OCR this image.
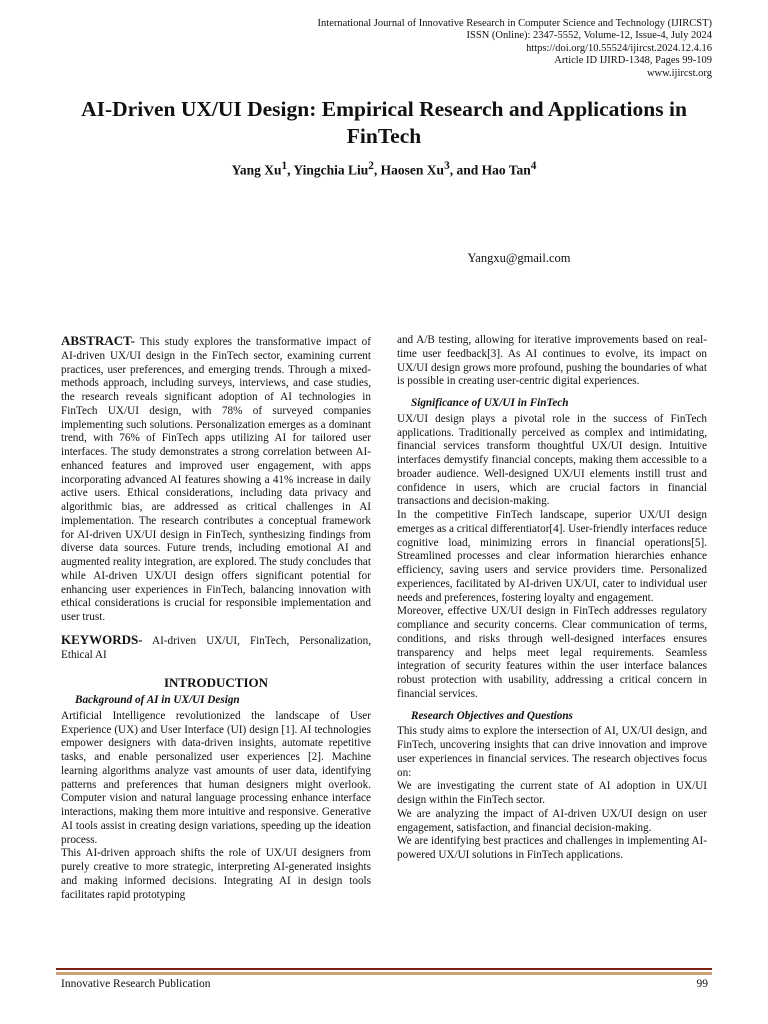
International Journal of Innovative Research in Computer Science and Technology (IJIRCST)
ISSN (Online): 2347-5552, Volume-12, Issue-4, July 2024
https://doi.org/10.55524/ijircst.2024.12.4.16
Article ID IJIRD-1348, Pages 99-109
www.ijircst.org
AI-Driven UX/UI Design: Empirical Research and Applications in FinTech
Yang Xu$^1$, Yingchia Liu$^2$, Haosen Xu$^3$, and Hao Tan$^4$
Yangxu@gmail.com

ABSTRACT- This study explores the transformative impact of AI-driven UX/UI design in the FinTech sector, examining current practices, user preferences, and emerging trends. Through a mixed-methods approach, including surveys, interviews, and case studies, the research reveals significant adoption of AI technologies in FinTech UX/UI design, with 78% of surveyed companies implementing such solutions. Personalization emerges as a dominant trend, with 76% of FinTech apps utilizing AI for tailored user interfaces. The study demonstrates a strong correlation between AI-enhanced features and improved user engagement, with apps incorporating advanced AI features showing a 41% increase in daily active users. Ethical considerations, including data privacy and algorithmic bias, are addressed as critical challenges in AI implementation. The research contributes a conceptual framework for AI-driven UX/UI design in FinTech, synthesizing findings from diverse data sources. Future trends, including emotional AI and augmented reality integration, are explored. The study concludes that while AI-driven UX/UI design offers significant potential for enhancing user experiences in FinTech, balancing innovation with ethical considerations is crucial for responsible implementation and user trust.

KEYWORDS- AI-driven UX/UI, FinTech, Personalization, Ethical AI

INTRODUCTION
Background of AI in UX/UI Design

Artificial Intelligence revolutionized the landscape of User Experience (UX) and User Interface (UI) design [1]. AI technologies empower designers with data-driven insights, automate repetitive tasks, and enable personalized user experiences [2]. Machine learning algorithms analyze vast amounts of user data, identifying patterns and preferences that human designers might overlook. Computer vision and natural language processing enhance interface interactions, making them more intuitive and responsive. Generative AI tools assist in creating design variations, speeding up the ideation process.

This AI-driven approach shifts the role of UX/UI designers from purely creative to more strategic, interpreting AI-generated insights and making informed decisions. Integrating AI in design tools facilitates rapid prototyping

and A/B testing, allowing for iterative improvements based on real-time user feedback[3]. As AI continues to evolve, its impact on UX/UI design grows more profound, pushing the boundaries of what is possible in creating user-centric digital experiences.

Significance of UX/UI in FinTech

UX/UI design plays a pivotal role in the success of FinTech applications. Traditionally perceived as complex and intimidating, financial services transform thoughtful UX/UI design. Intuitive interfaces demystify financial concepts, making them accessible to a broader audience. Well-designed UX/UI elements instill trust and confidence in users, which are crucial factors in financial transactions and decision-making.

In the competitive FinTech landscape, superior UX/UI design emerges as a critical differentiator[4]. User-friendly interfaces reduce cognitive load, minimizing errors in financial operations[5]. Streamlined processes and clear information hierarchies enhance efficiency, saving users and service providers time. Personalized experiences, facilitated by AI-driven UX/UI, cater to individual user needs and preferences, fostering loyalty and engagement.

Moreover, effective UX/UI design in FinTech addresses regulatory compliance and security concerns. Clear communication of terms, conditions, and risks through well-designed interfaces ensures transparency and helps meet legal requirements. Seamless integration of security features within the user interface balances robust protection with usability, addressing a critical concern in financial services.

Research Objectives and Questions

This study aims to explore the intersection of AI, UX/UI design, and FinTech, uncovering insights that can drive innovation and improve user experiences in financial services. The research objectives focus on:

We are investigating the current state of AI adoption in UX/UI design within the FinTech sector.

We are analyzing the impact of AI-driven UX/UI design on user engagement, satisfaction, and financial decision-making.

We are identifying best practices and challenges in implementing AI-powered UX/UI solutions in FinTech applications.

Innovative Research Publication	99
